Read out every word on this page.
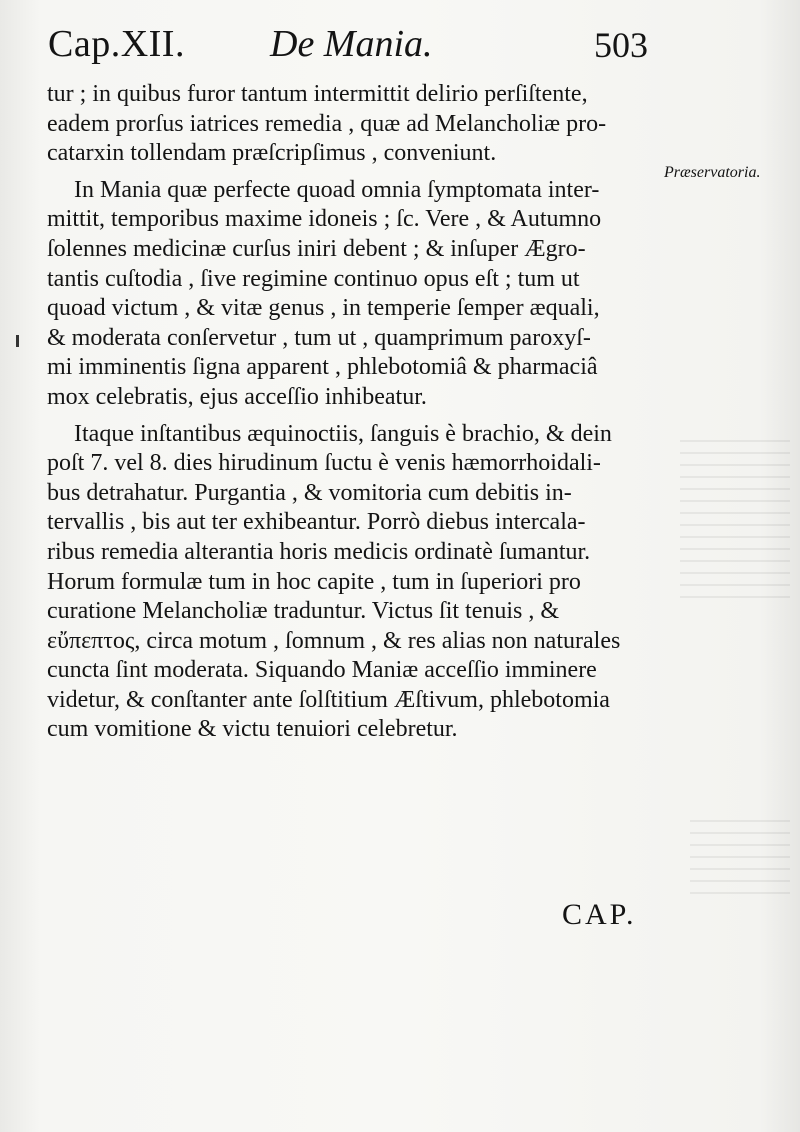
Cap.XII. De Mania.	503
Præservatoria.
tur ; in quibus furor tantum intermittit delirio perſiſtente,
eadem prorſus iatrices remedia , quæ ad Melancholiæ pro-
catarxin tollendam præſcripſimus , conveniunt.
In Mania quæ perfecte quoad omnia ſymptomata inter-
mittit, temporibus maxime idoneis ; ſc. Vere , & Autumno
ſolennes medicinæ curſus iniri debent ; & inſuper Ægro-
tantis cuſtodia , ſive regimine continuo opus eſt ; tum ut
quoad victum , & vitæ genus , in temperie ſemper æquali,
& moderata conſervetur , tum ut , quamprimum paroxyſ-
mi imminentis ſigna apparent , phlebotomiâ & pharmaciâ
mox celebratis, ejus acceſſio inhibeatur.
Itaque inſtantibus æquinoctiis, ſanguis è brachio, & dein
poſt 7. vel 8. dies hirudinum ſuctu è venis hæmorrhoidali-
bus detrahatur. Purgantia , & vomitoria cum debitis in-
tervallis , bis aut ter exhibeantur. Porrò diebus intercala-
ribus remedia alterantia horis medicis ordinatè ſumantur.
Horum formulæ tum in hoc capite , tum in ſuperiori pro
curatione Melancholiæ traduntur. Victus ſit tenuis , &
εὔπεπτος, circa motum , ſomnum , & res alias non naturales
cuncta ſint moderata. Siquando Maniæ acceſſio imminere
videtur, & conſtanter ante ſolſtitium Æſtivum, phlebotomia
cum vomitione & victu tenuiori celebretur.
CAP.
